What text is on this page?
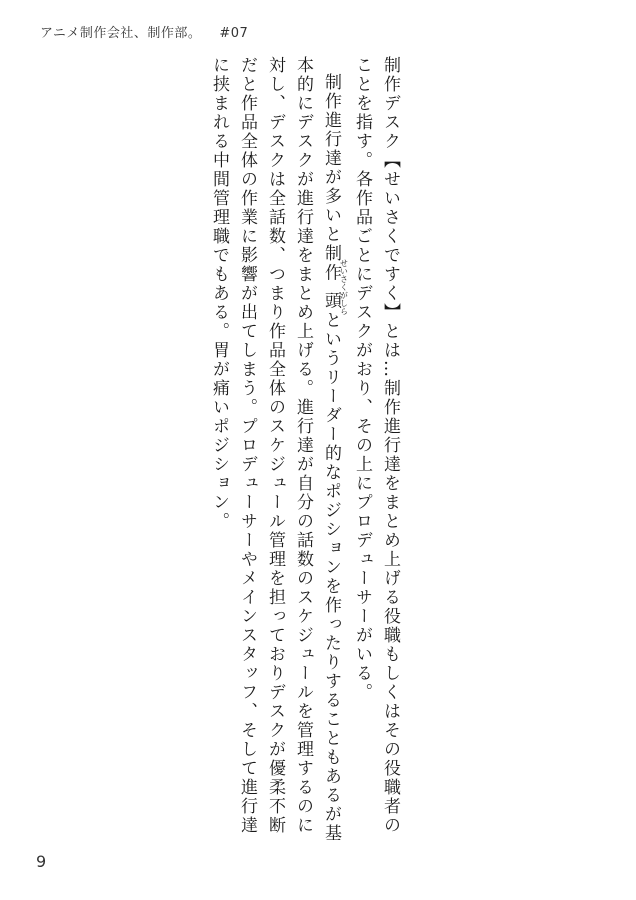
アニメ制作会社、制作部。 #07

制作デスク【せいさくですく】とは…制作進行達をまとめ上げる役職もしくはその役職者のことを指す。各作品ごとにデスクがおり、その上にプロデューサーがいる。

制作進行達が多いと制作頭せいさくがしらというリーダー的なポジションを作ったりすることもあるが基本的にデスクが進行達をまとめ上げる。進行達が自分の話数のスケジュールを管理するのに対し、デスクは全話数、つまり作品全体のスケジュール管理を担っておりデスクが優柔不断だと作品全体の作業に影響が出てしまう。プロデューサーやメインスタッフ、そして進行達に挟まれる中間管理職でもある。胃が痛いポジション。

9
